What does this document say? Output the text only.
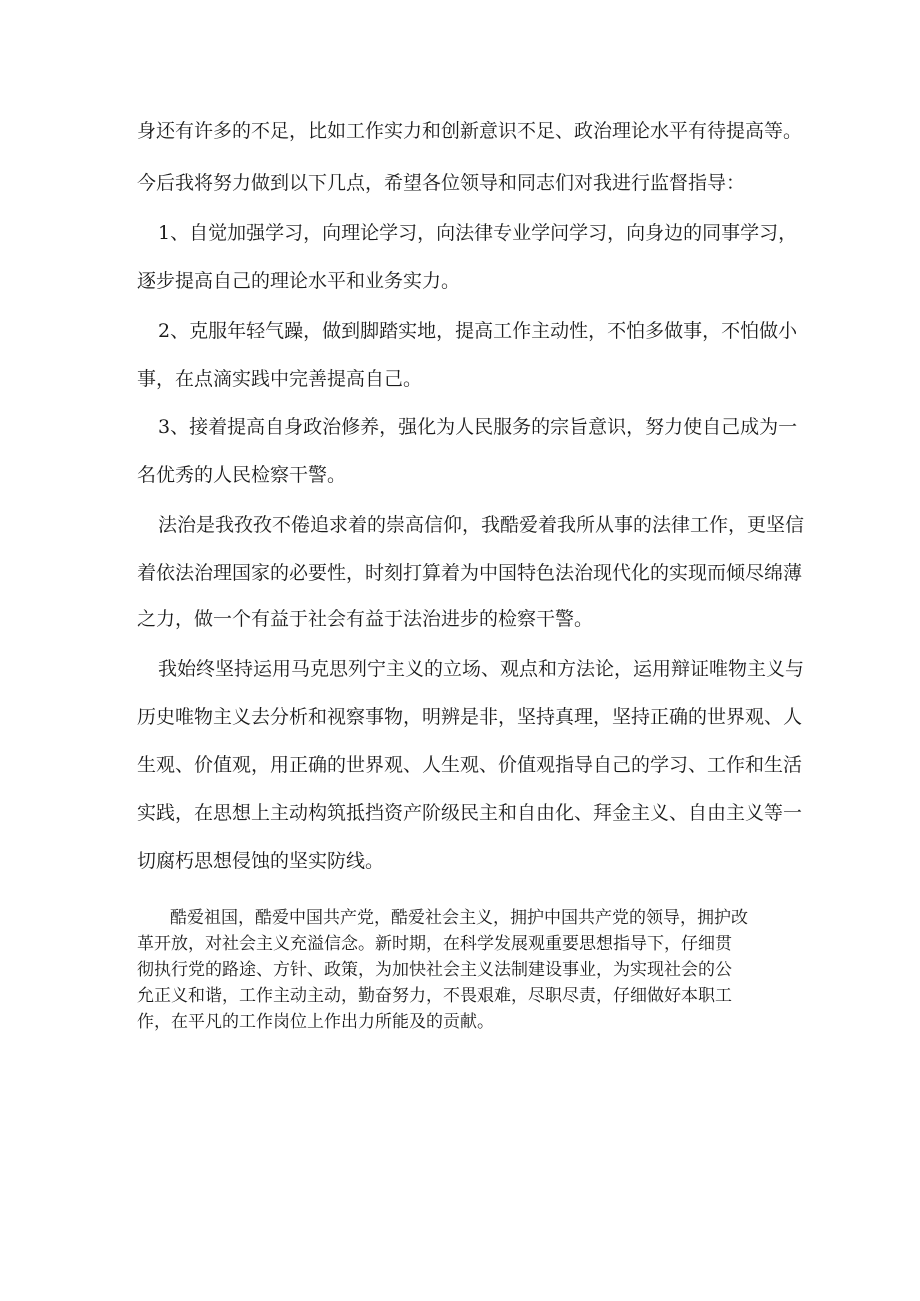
身还有许多的不足，比如工作实力和创新意识不足、政治理论水平有待提高等。
今后我将努力做到以下几点，希望各位领导和同志们对我进行监督指导：
1、自觉加强学习，向理论学习，向法律专业学问学习，向身边的同事学习，
逐步提高自己的理论水平和业务实力。
2、克服年轻气躁，做到脚踏实地，提高工作主动性，不怕多做事，不怕做小
事，在点滴实践中完善提高自己。
3、接着提高自身政治修养，强化为人民服务的宗旨意识，努力使自己成为一
名优秀的人民检察干警。
法治是我孜孜不倦追求着的崇高信仰，我酷爱着我所从事的法律工作，更坚信
着依法治理国家的必要性，时刻打算着为中国特色法治现代化的实现而倾尽绵薄
之力，做一个有益于社会有益于法治进步的检察干警。
我始终坚持运用马克思列宁主义的立场、观点和方法论，运用辩证唯物主义与
历史唯物主义去分析和视察事物，明辨是非，坚持真理，坚持正确的世界观、人
生观、价值观，用正确的世界观、人生观、价值观指导自己的学习、工作和生活
实践，在思想上主动构筑抵挡资产阶级民主和自由化、拜金主义、自由主义等一
切腐朽思想侵蚀的坚实防线。
酷爱祖国，酷爱中国共产党，酷爱社会主义，拥护中国共产党的领导，拥护改
革开放，对社会主义充溢信念。新时期，在科学发展观重要思想指导下，仔细贯
彻执行党的路途、方针、政策，为加快社会主义法制建设事业，为实现社会的公
允正义和谐，工作主动主动，勤奋努力，不畏艰难，尽职尽责，仔细做好本职工
作，在平凡的工作岗位上作出力所能及的贡献。
